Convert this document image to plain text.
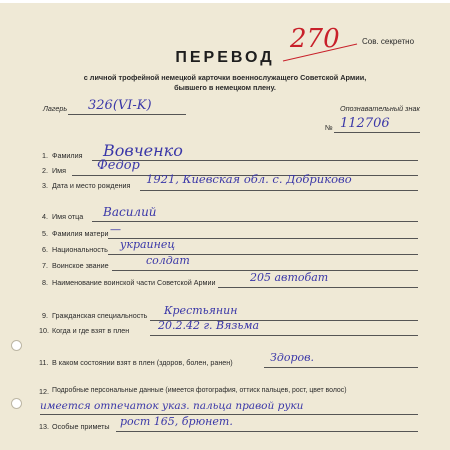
Сов. секретно
270
ПЕРЕВОД
с личной трофейной немецкой карточки военнослужащего Советской Армии,
бывшего в немецком плену.
Лагерь 326(VI-K)	Опознавательный знак
№ 112706
1. Фамилия Вовченко
2. Имя Федор
3. Дата и место рождения 1921, Киевская обл. с. Добриково
4. Имя отца Василий
5. Фамилия матери —
6. Национальность украинец
7. Воинское звание	солдат
8. Наименование воинской части Советской Армии	205 автобат
9. Гражданская специальность Крестьянин
10. Когда и где взят в плен	20.2.42 г. Вязьма
11. В каком состоянии взят в плен (здоров, болен, ранен)	Здоров.
12. Подробные персональные данные (имеется фотография, оттиск пальцев, рост, цвет волос)
имеется отпечаток указ. пальца правой руки
13. Особые приметы рост 165, брюнет.
